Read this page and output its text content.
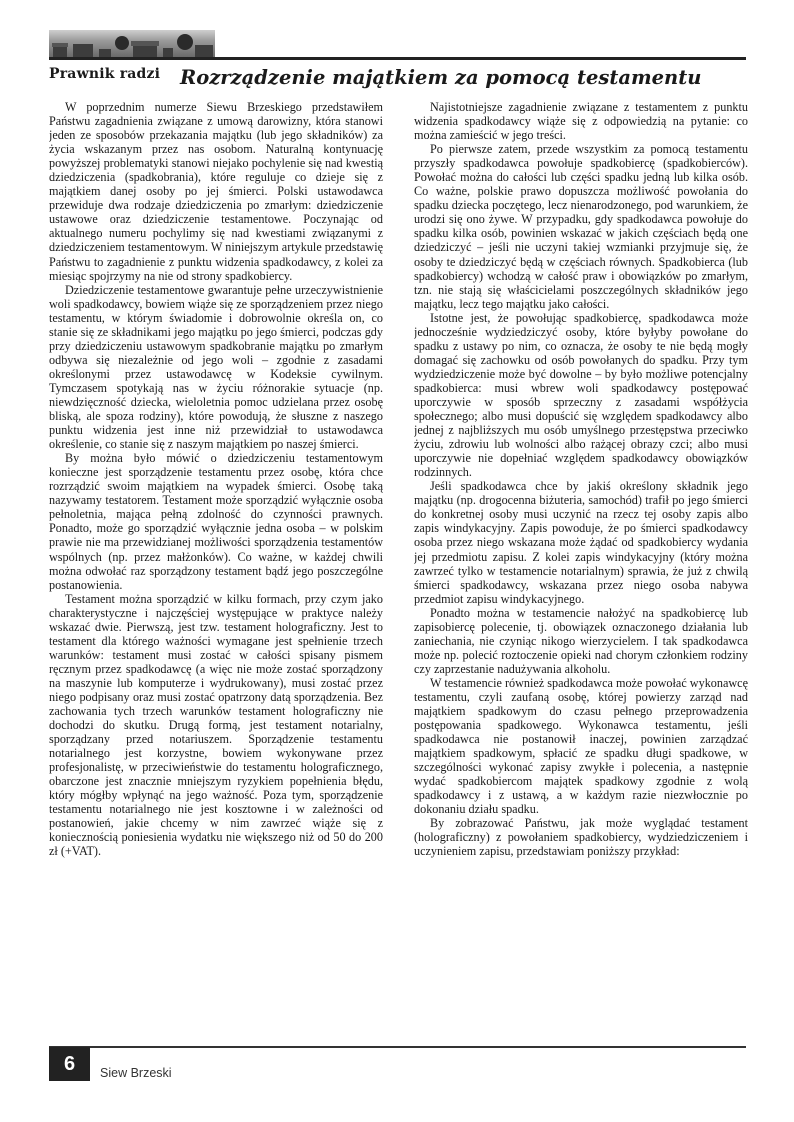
Prawnik radzi Rozrządzenie majątkiem za pomocą testamentu

W poprzednim numerze Siewu Brzeskiego przedstawiłem Państwu zagadnienia związane z umową darowizny, która stanowi jeden ze sposobów przekazania majątku (lub jego składników) za życia wskazanym przez nas osobom. Naturalną kontynuację powyższej problematyki stanowi niejako pochylenie się nad kwestią dziedziczenia (spadkobrania), które reguluje co dzieje się z majątkiem danej osoby po jej śmierci. Polski ustawodawca przewiduje dwa rodzaje dziedziczenia po zmarłym: dziedziczenie ustawowe oraz dziedziczenie testamentowe. Poczynając od aktualnego numeru pochylimy się nad kwestiami związanymi z dziedziczeniem testamentowym. W niniejszym artykule przedstawię Państwu to zagadnienie z punktu widzenia spadkodawcy, z kolei za miesiąc spojrzymy na nie od strony spadkobiercy.

Dziedziczenie testamentowe gwarantuje pełne urzeczywistnienie woli spadkodawcy, bowiem wiąże się ze sporządzeniem przez niego testamentu, w którym świadomie i dobrowolnie określa on, co stanie się ze składnikami jego majątku po jego śmierci, podczas gdy przy dziedziczeniu ustawowym spadkobranie majątku po zmarłym odbywa się niezależnie od jego woli – zgodnie z zasadami określonymi przez ustawodawcę w Kodeksie cywilnym. Tymczasem spotykają nas w życiu różnorakie sytuacje (np. niewdzięczność dziecka, wieloletnia pomoc udzielana przez osobę bliską, ale spoza rodziny), które powodują, że słuszne z naszego punktu widzenia jest inne niż przewidział to ustawodawca określenie, co stanie się z naszym majątkiem po naszej śmierci.

By można było mówić o dziedziczeniu testamentowym konieczne jest sporządzenie testamentu przez osobę, która chce rozrządzić swoim majątkiem na wypadek śmierci. Osobę taką nazywamy testatorem. Testament może sporządzić wyłącznie osoba pełnoletnia, mająca pełną zdolność do czynności prawnych. Ponadto, może go sporządzić wyłącznie jedna osoba – w polskim prawie nie ma przewidzianej możliwości sporządzenia testamentów wspólnych (np. przez małżonków). Co ważne, w każdej chwili można odwołać raz sporządzony testament bądź jego poszczególne postanowienia.

Testament można sporządzić w kilku formach, przy czym jako charakterystyczne i najczęściej występujące w praktyce należy wskazać dwie. Pierwszą, jest tzw. testament holograficzny. Jest to testament dla którego ważności wymagane jest spełnienie trzech warunków: testament musi zostać w całości spisany pismem ręcznym przez spadkodawcę (a więc nie może zostać sporządzony na maszynie lub komputerze i wydrukowany), musi zostać przez niego podpisany oraz musi zostać opatrzony datą sporządzenia. Bez zachowania tych trzech warunków testament holograficzny nie dochodzi do skutku. Drugą formą, jest testament notarialny, sporządzany przed notariuszem. Sporządzenie testamentu notarialnego jest korzystne, bowiem wykonywane przez profesjonalistę, w przeciwieństwie do testamentu holograficznego, obarczone jest znacznie mniejszym ryzykiem popełnienia błędu, który mógłby wpłynąć na jego ważność. Poza tym, sporządzenie testamentu notarialnego nie jest kosztowne i w zależności od postanowień, jakie chcemy w nim zawrzeć wiąże się z koniecznością poniesienia wydatku nie większego niż od 50 do 200 zł (+VAT).

Najistotniejsze zagadnienie związane z testamentem z punktu widzenia spadkodawcy wiąże się z odpowiedzią na pytanie: co można zamieścić w jego treści.

Po pierwsze zatem, przede wszystkim za pomocą testamentu przyszły spadkodawca powołuje spadkobiercę (spadkobierców). Powołać można do całości lub części spadku jedną lub kilka osób. Co ważne, polskie prawo dopuszcza możliwość powołania do spadku dziecka poczętego, lecz nienarodzonego, pod warunkiem, że urodzi się ono żywe. W przypadku, gdy spadkodawca powołuje do spadku kilka osób, powinien wskazać w jakich częściach będą one dziedziczyć – jeśli nie uczyni takiej wzmianki przyjmuje się, że osoby te dziedziczyć będą w częściach równych. Spadkobierca (lub spadkobiercy) wchodzą w całość praw i obowiązków po zmarłym, tzn. nie stają się właścicielami poszczególnych składników jego majątku, lecz tego majątku jako całości.

Istotne jest, że powołując spadkobiercę, spadkodawca może jednocześnie wydziedziczyć osoby, które byłyby powołane do spadku z ustawy po nim, co oznacza, że osoby te nie będą mogły domagać się zachowku od osób powołanych do spadku. Przy tym wydziedziczenie może być dowolne – by było możliwe potencjalny spadkobierca: musi wbrew woli spadkodawcy postępować uporczywie w sposób sprzeczny z zasadami współżycia społecznego; albo musi dopuścić się względem spadkodawcy albo jednej z najbliższych mu osób umyślnego przestępstwa przeciwko życiu, zdrowiu lub wolności albo rażącej obrazy czci; albo musi uporczywie nie dopełniać względem spadkodawcy obowiązków rodzinnych.

Jeśli spadkodawca chce by jakiś określony składnik jego majątku (np. drogocenna biżuteria, samochód) trafił po jego śmierci do konkretnej osoby musi uczynić na rzecz tej osoby zapis albo zapis windykacyjny. Zapis powoduje, że po śmierci spadkodawcy osoba przez niego wskazana może żądać od spadkobiercy wydania jej przedmiotu zapisu. Z kolei zapis windykacyjny (który można zawrzeć tylko w testamencie notarialnym) sprawia, że już z chwilą śmierci spadkodawcy, wskazana przez niego osoba nabywa przedmiot zapisu windykacyjnego.

Ponadto można w testamencie nałożyć na spadkobiercę lub zapisobiercę polecenie, tj. obowiązek oznaczonego działania lub zaniechania, nie czyniąc nikogo wierzycielem. I tak spadkodawca może np. polecić roztoczenie opieki nad chorym członkiem rodziny czy zaprzestanie nadużywania alkoholu.

W testamencie również spadkodawca może powołać wykonawcę testamentu, czyli zaufaną osobę, której powierzy zarząd nad majątkiem spadkowym do czasu pełnego przeprowadzenia postępowania spadkowego. Wykonawca testamentu, jeśli spadkodawca nie postanowił inaczej, powinien zarządzać majątkiem spadkowym, spłacić ze spadku długi spadkowe, w szczególności wykonać zapisy zwykłe i polecenia, a następnie wydać spadkobiercom majątek spadkowy zgodnie z wolą spadkodawcy i z ustawą, a w każdym razie niezwłocznie po dokonaniu działu spadku.

By zobrazować Państwu, jak może wyglądać testament (holograficzny) z powołaniem spadkobiercy, wydziedziczeniem i uczynieniem zapisu, przedstawiam poniższy przykład:

6	Siew Brzeski
